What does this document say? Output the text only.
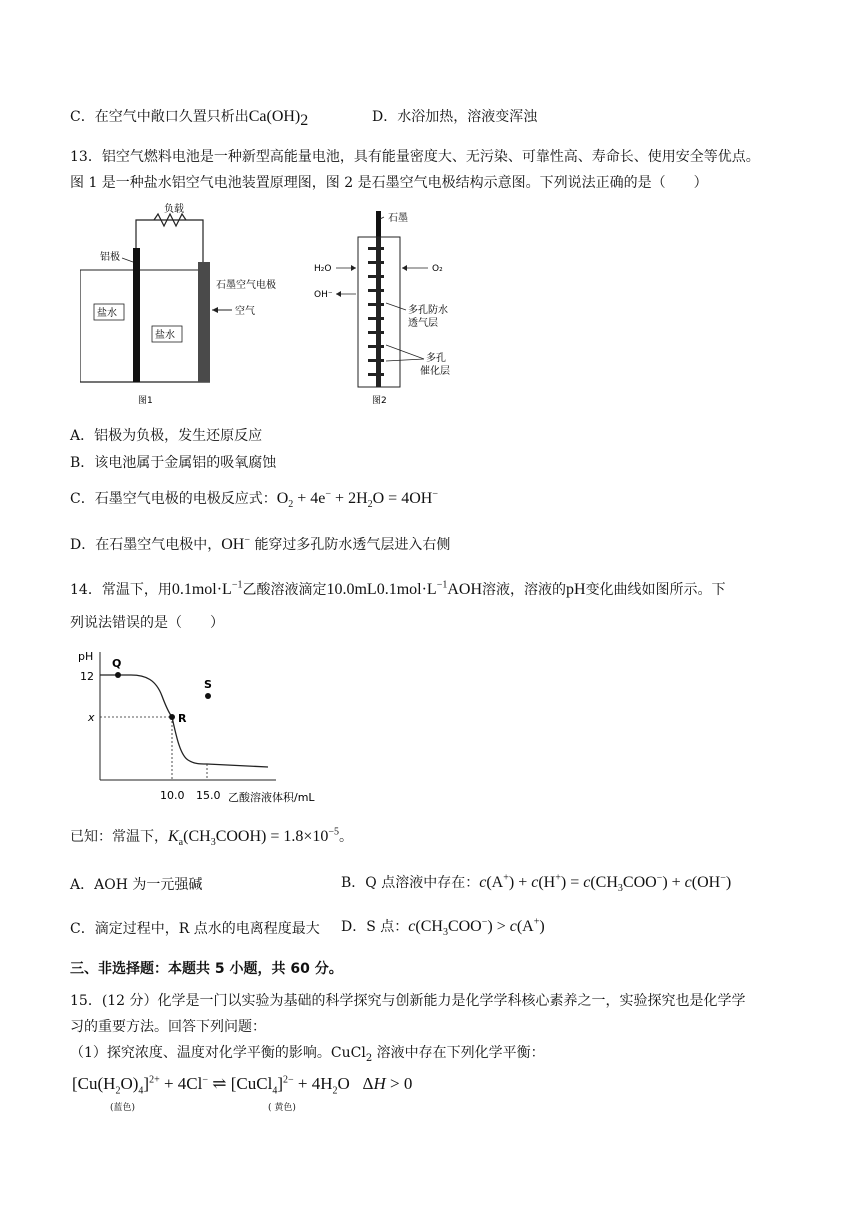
C．在空气中敞口久置只析出$Ca(OH)_2$	D．水浴加热，溶液变浑浊
13．铝空气燃料电池是一种新型高能量电池，具有能量密度大、无污染、可靠性高、寿命长、使用安全等优点。
图 1 是一种盐水铝空气电池装置原理图，图 2 是石墨空气电极结构示意图。下列说法正确的是（　　）
负载
铝极
石墨空气电极
空气
盐水
盐水
图1
石墨
H₂O
OH⁻
O₂
多孔防水
透气层
多孔
催化层
图2
A．铝极为负极，发生还原反应
B．该电池属于金属铝的吸氧腐蚀
C．石墨空气电极的电极反应式：$O_2 + 4e^- + 2H_2O = 4OH^-$
D．在石墨空气电极中，OH− 能穿过多孔防水透气层进入右侧
14．常温下，用$0.1mol\cdot L^{-1}$乙酸溶液滴定$10.0mL0.1mol\cdot L^{-1}AOH$溶液，溶液的pH变化曲线如图所示。下
列说法错误的是（　　）
pH
12
x
Q
R
S
10.0 15.0 乙酸溶液体积/mL
已知：常温下，$K_a(CH_3COOH) = 1.8\times 10^{-5}$。
A．AOH 为一元强碱	B．Q 点溶液中存在：$c(A^+) + c(H^+) = c(CH_3COO^-) + c(OH^-)$
C．滴定过程中，R 点水的电离程度最大 D．S 点：$c(CH_3COO^-) > c(A^+)$
三、非选择题：本题共 5 小题，共 60 分。
15．(12 分）化学是一门以实验为基础的科学探究与创新能力是化学学科核心素养之一，实验探究也是化学学
习的重要方法。回答下列问题：
（1）探究浓度、温度对化学平衡的影响。CuCl$_2$ 溶液中存在下列化学平衡：
$[Cu(H_2O)_4]^{2+} + 4Cl^-$ ⇌ [CuCl$_4$]$^{2-}$ + $4H_2O$   ΔH > 0
(蓝色)	( 黄色)
